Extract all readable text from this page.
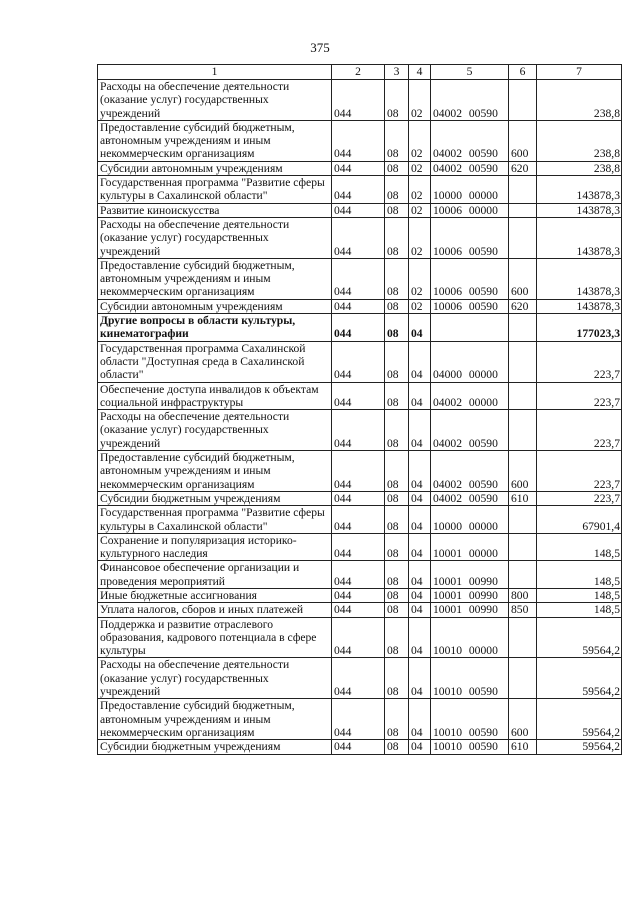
375
1	2	3	4	5	6	7
Расходы на обеспечение деятельности (оказание услуг) государственных учреждений	044	08	02	04002 00590		238,8
Предоставление субсидий бюджетным, автономным учреждениям и иным некоммерческим организациям	044	08	02	04002 00590	600	238,8
Субсидии автономным учреждениям	044	08	02	04002 00590	620	238,8
Государственная программа "Развитие сферы культуры в Сахалинской области"	044	08	02	10000 00000		143878,3
Развитие киноискусства	044	08	02	10006 00000		143878,3
Расходы на обеспечение деятельности (оказание услуг) государственных учреждений	044	08	02	10006 00590		143878,3
Предоставление субсидий бюджетным, автономным учреждениям и иным некоммерческим организациям	044	08	02	10006 00590	600	143878,3
Субсидии автономным учреждениям	044	08	02	10006 00590	620	143878,3
Другие вопросы в области культуры, кинематографии	044	08	04			177023,3
Государственная программа Сахалинской области "Доступная среда в Сахалинской области"	044	08	04	04000 00000		223,7
Обеспечение доступа инвалидов к объектам социальной инфраструктуры	044	08	04	04002 00000		223,7
Расходы на обеспечение деятельности (оказание услуг) государственных учреждений	044	08	04	04002 00590		223,7
Предоставление субсидий бюджетным, автономным учреждениям и иным некоммерческим организациям	044	08	04	04002 00590	600	223,7
Субсидии бюджетным учреждениям	044	08	04	04002 00590	610	223,7
Государственная программа "Развитие сферы культуры в Сахалинской области"	044	08	04	10000 00000		67901,4
Сохранение и популяризация историко-культурного наследия	044	08	04	10001 00000		148,5
Финансовое обеспечение организации и проведения мероприятий	044	08	04	10001 00990		148,5
Иные бюджетные ассигнования	044	08	04	10001 00990	800	148,5
Уплата налогов, сборов и иных платежей	044	08	04	10001 00990	850	148,5
Поддержка и развитие отраслевого образования, кадрового потенциала в сфере культуры	044	08	04	10010 00000		59564,2
Расходы на обеспечение деятельности (оказание услуг) государственных учреждений	044	08	04	10010 00590		59564,2
Предоставление субсидий бюджетным, автономным учреждениям и иным некоммерческим организациям	044	08	04	10010 00590	600	59564,2
Субсидии бюджетным учреждениям	044	08	04	10010 00590	610	59564,2
